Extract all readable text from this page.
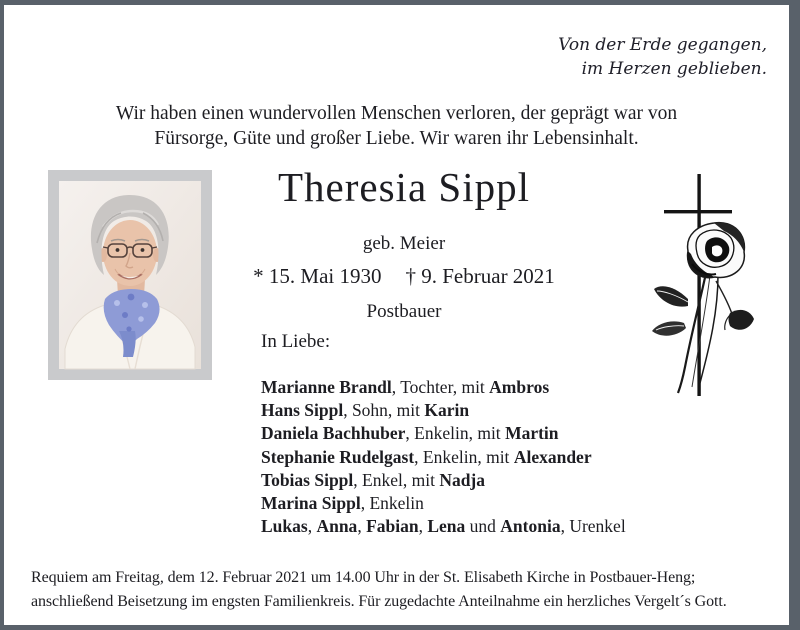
Von der Erde gegangen,
im Herzen geblieben.
Wir haben einen wundervollen Menschen verloren, der geprägt war von
Fürsorge, Güte und großer Liebe. Wir waren ihr Lebensinhalt.
Theresia Sippl
geb. Meier
* 15. Mai 1930 † 9. Februar 2021
Postbauer
In Liebe:
Marianne Brandl, Tochter, mit Ambros
Hans Sippl, Sohn, mit Karin
Daniela Bachhuber, Enkelin, mit Martin
Stephanie Rudelgast, Enkelin, mit Alexander
Tobias Sippl, Enkel, mit Nadja
Marina Sippl, Enkelin
Lukas, Anna, Fabian, Lena und Antonia, Urenkel
Requiem am Freitag, dem 12. Februar 2021 um 14.00 Uhr in der St. Elisabeth Kirche in Postbauer-Heng;
anschließend Beisetzung im engsten Familienkreis. Für zugedachte Anteilnahme ein herzliches Vergelt´s Gott.
